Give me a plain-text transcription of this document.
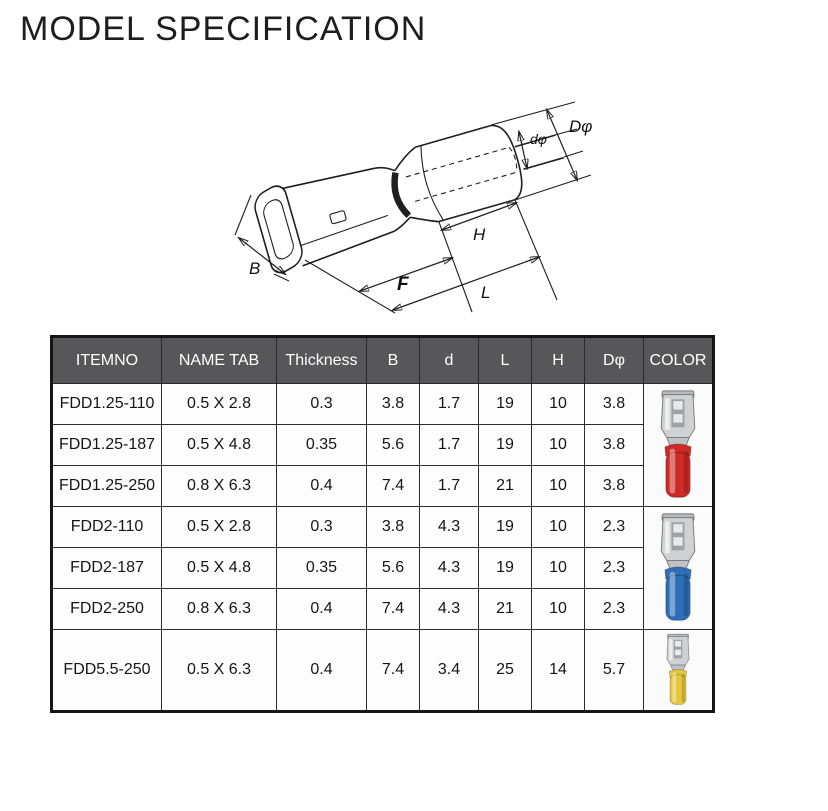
MODEL SPECIFICATION
Dφ
dφ
B
F
H
L
ITEMNO	NAME TAB	Thickness	B	d	L	H	Dφ	COLOR
FDD1.25-110	0.5 X 2.8	0.3	3.8	1.7	19	10	3.8	

FDD1.25-187	0.5 X 4.8	0.35	5.6	1.7	19	10	3.8	
FDD1.25-250	0.8 X 6.3	0.4	7.4	1.7	21	10	3.8	
FDD2-110	0.5 X 2.8	0.3	3.8	4.3	19	10	2.3	

FDD2-187	0.5 X 4.8	0.35	5.6	4.3	19	10	2.3	
FDD2-250	0.8 X 6.3	0.4	7.4	4.3	21	10	2.3	
FDD5.5-250	0.5 X 6.3	0.4	7.4	3.4	25	14	5.7	
